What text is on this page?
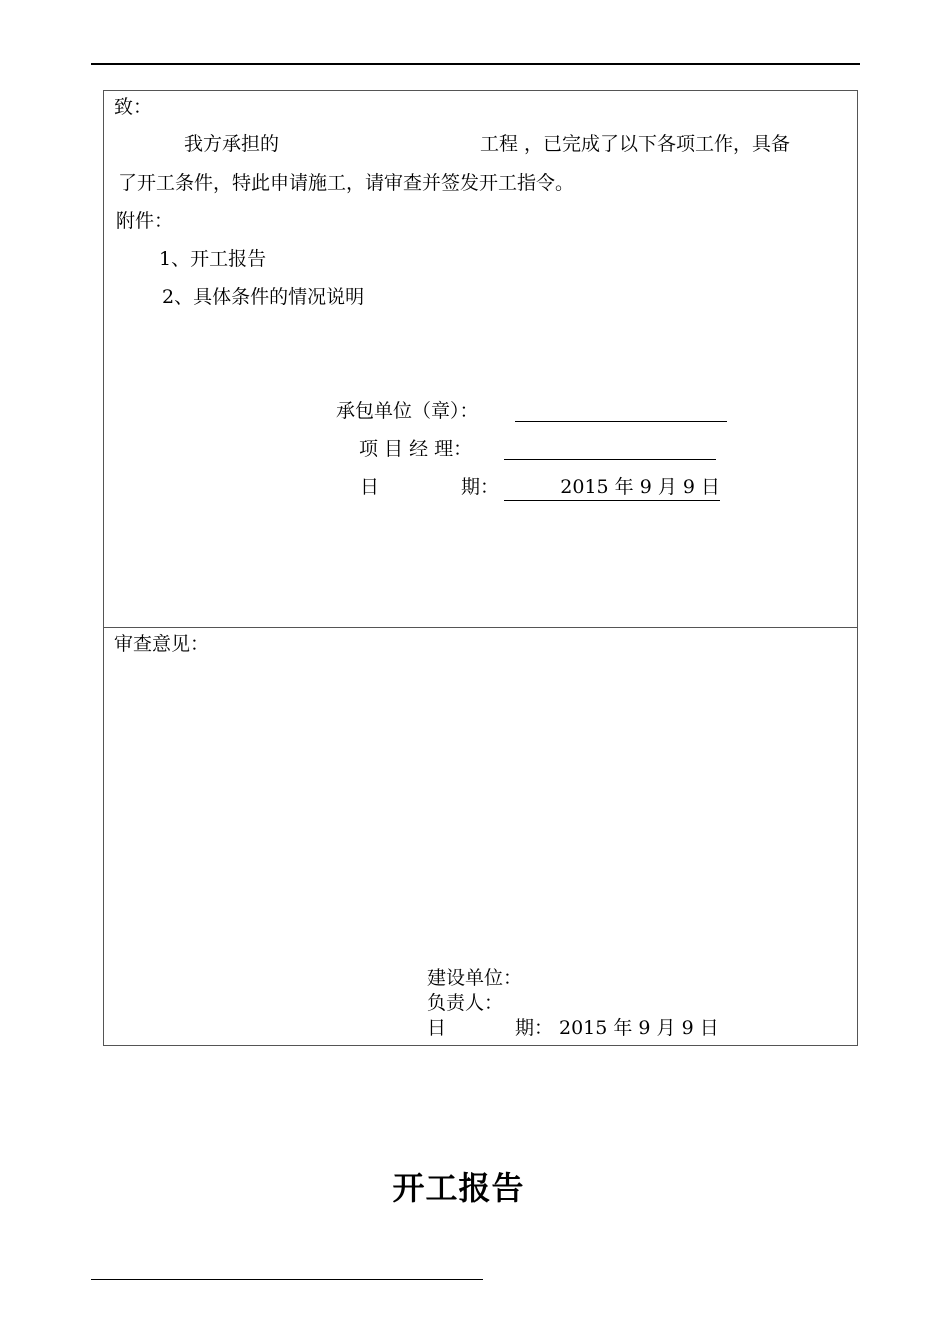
致：
我方承担的	工程 ，已完成了以下各项工作，具备
了开工条件，特此申请施工，请审查并签发开工指令。
附件：
1、开工报告
2、具体条件的情况说明
承包单位（章）：
项 目 经 理：
日	期：	2015 年 9 月 9 日
审查意见：
建设单位：
负责人：
日	期： 2015 年 9 月 9 日
开工报告
